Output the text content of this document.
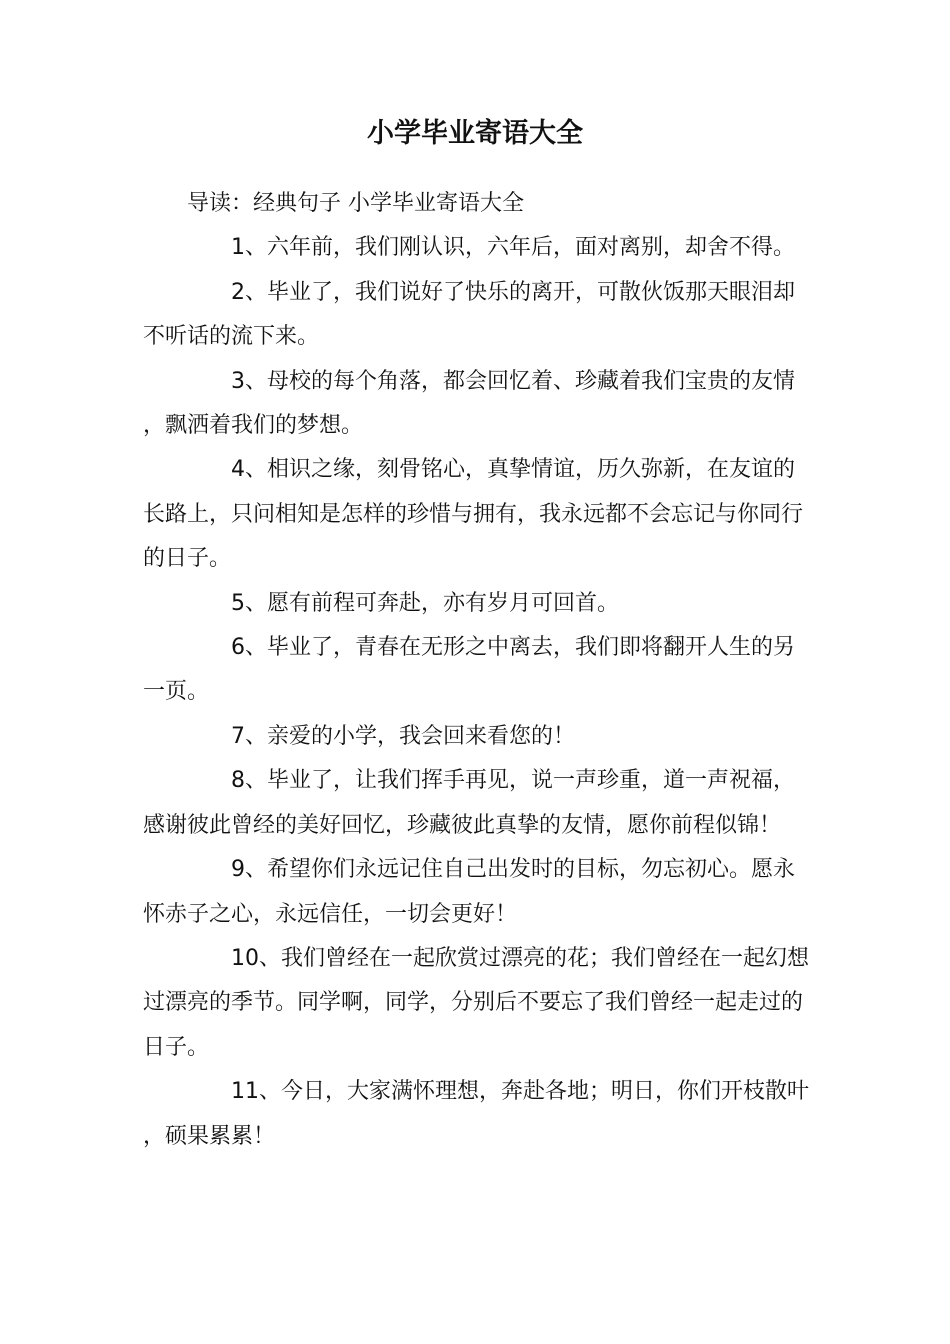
小学毕业寄语大全

导读：经典句子 小学毕业寄语大全

1、六年前，我们刚认识，六年后，面对离别，却舍不得。

2、毕业了，我们说好了快乐的离开，可散伙饭那天眼泪却不听话的流下来。

3、母校的每个角落，都会回忆着、珍藏着我们宝贵的友情，飘洒着我们的梦想。

4、相识之缘，刻骨铭心，真挚情谊，历久弥新，在友谊的长路上，只问相知是怎样的珍惜与拥有，我永远都不会忘记与你同行的日子。

5、愿有前程可奔赴，亦有岁月可回首。

6、毕业了，青春在无形之中离去，我们即将翻开人生的另一页。

7、亲爱的小学，我会回来看您的！

8、毕业了，让我们挥手再见，说一声珍重，道一声祝福，感谢彼此曾经的美好回忆，珍藏彼此真挚的友情，愿你前程似锦！

9、希望你们永远记住自己出发时的目标，勿忘初心。愿永怀赤子之心，永远信任，一切会更好！

10、我们曾经在一起欣赏过漂亮的花；我们曾经在一起幻想过漂亮的季节。同学啊，同学，分别后不要忘了我们曾经一起走过的日子。

11、今日，大家满怀理想，奔赴各地；明日，你们开枝散叶，硕果累累！
